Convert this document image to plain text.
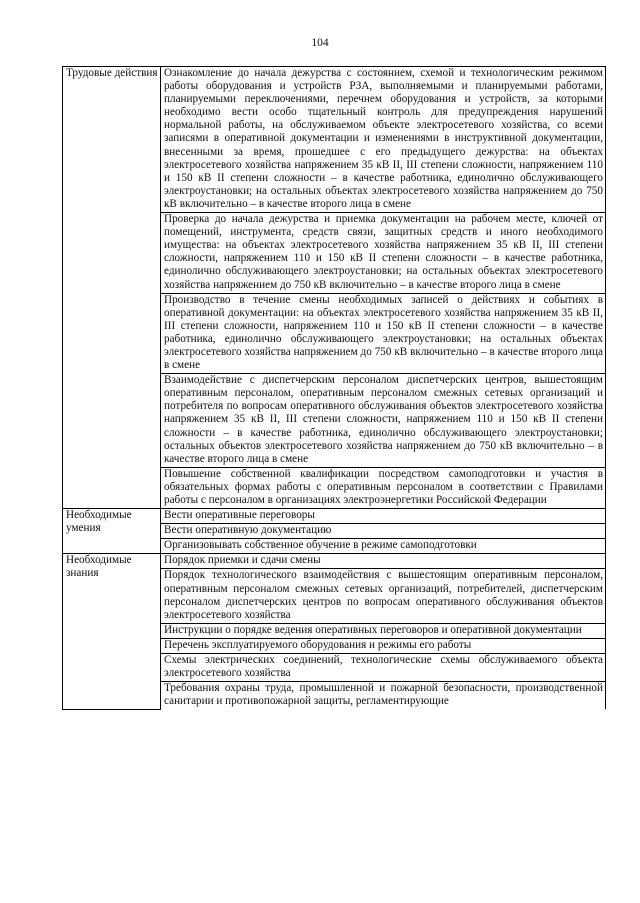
104
Трудовые действия	Ознакомление до начала дежурства с состоянием, схемой и технологическим режимом работы оборудования и устройств РЗА, выполняемыми и планируемыми работами, планируемыми переключениями, перечнем оборудования и устройств, за которыми необходимо вести особо тщательный контроль для предупреждения нарушений нормальной работы, на обслуживаемом объекте электросетевого хозяйства, со всеми записями в оперативной документации и изменениями в инструктивной документации, внесенными за время, прошедшее с его предыдущего дежурства: на объектах электросетевого хозяйства напряжением 35 кВ II, III степени сложности, напряжением 110 и 150 кВ II степени сложности – в качестве работника, единолично обслуживающего электроустановки; на остальных объектах электросетевого хозяйства напряжением до 750 кВ включительно – в качестве второго лица в смене
	Проверка до начала дежурства и приемка документации на рабочем месте, ключей от помещений, инструмента, средств связи, защитных средств и иного необходимого имущества: на объектах электросетевого хозяйства напряжением 35 кВ II, III степени сложности, напряжением 110 и 150 кВ II степени сложности – в качестве работника, единолично обслуживающего электроустановки; на остальных объектах электросетевого хозяйства напряжением до 750 кВ включительно – в качестве второго лица в смене
	Производство в течение смены необходимых записей о действиях и событиях в оперативной документации: на объектах электросетевого хозяйства напряжением 35 кВ II, III степени сложности, напряжением 110 и 150 кВ II степени сложности – в качестве работника, единолично обслуживающего электроустановки; на остальных объектах электросетевого хозяйства напряжением до 750 кВ включительно – в качестве второго лица в смене
	Взаимодействие с диспетчерским персоналом диспетчерских центров, вышестоящим оперативным персоналом, оперативным персоналом смежных сетевых организаций и потребителя по вопросам оперативного обслуживания объектов электросетевого хозяйства напряжением 35 кВ II, III степени сложности, напряжением 110 и 150 кВ II степени сложности – в качестве работника, единолично обслуживающего электроустановки; остальных объектов электросетевого хозяйства напряжением до 750 кВ включительно – в качестве второго лица в смене
	Повышение собственной квалификации посредством самоподготовки и участия в обязательных формах работы с оперативным персоналом в соответствии с Правилами работы с персоналом в организациях электроэнергетики Российской Федерации
Необходимые умения	Вести оперативные переговоры
	Вести оперативную документацию
	Организовывать собственное обучение в режиме самоподготовки
Необходимые знания	Порядок приемки и сдачи смены
	Порядок технологического взаимодействия с вышестоящим оперативным персоналом, оперативным персоналом смежных сетевых организаций, потребителей, диспетчерским персоналом диспетчерских центров по вопросам оперативного обслуживания объектов электросетевого хозяйства
	Инструкции о порядке ведения оперативных переговоров и оперативной документации
	Перечень эксплуатируемого оборудования и режимы его работы
	Схемы электрических соединений, технологические схемы обслуживаемого объекта электросетевого хозяйства
	Требования охраны труда, промышленной и пожарной безопасности, производственной санитарии и противопожарной защиты, регламентирующие
